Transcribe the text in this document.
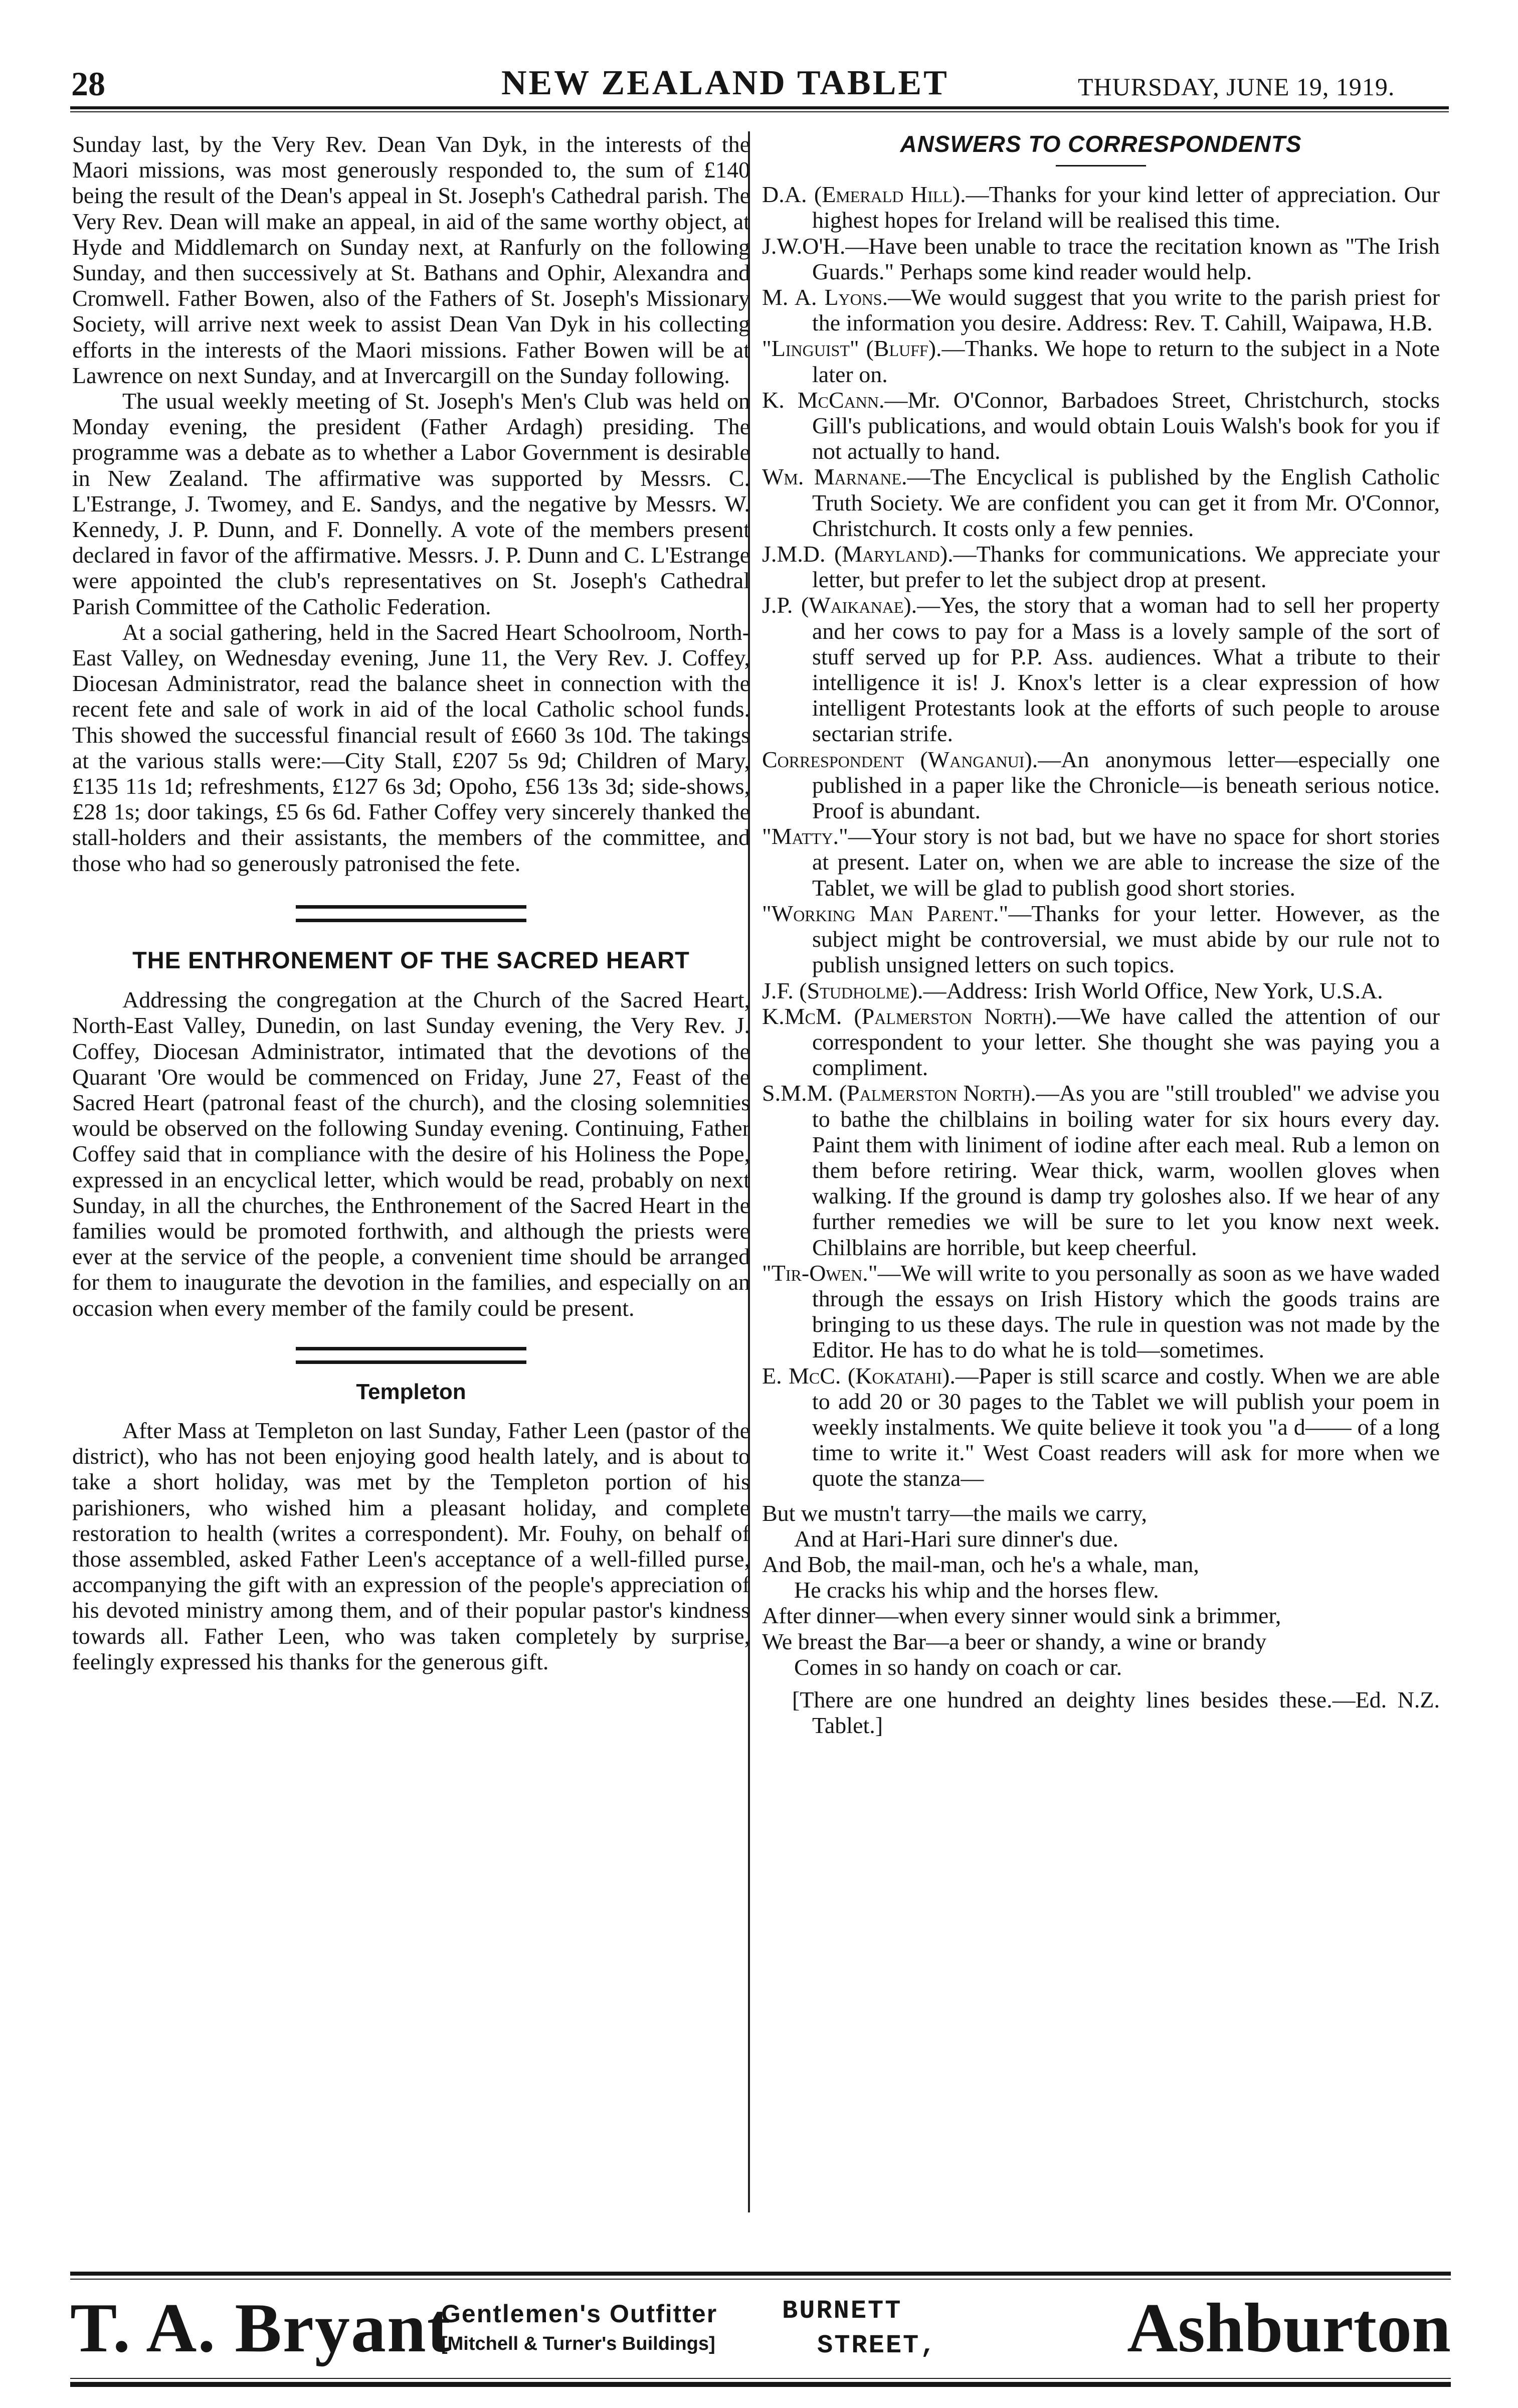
28	NEW ZEALAND TABLET	THURSDAY, JUNE 19, 1919.

Sunday last, by the Very Rev. Dean Van Dyk, in the interests of the Maori missions, was most generously responded to, the sum of £140 being the result of the Dean's appeal in St. Joseph's Cathedral parish. The Very Rev. Dean will make an appeal, in aid of the same worthy object, at Hyde and Middlemarch on Sunday next, at Ranfurly on the following Sunday, and then successively at St. Bathans and Ophir, Alexandra and Cromwell. Father Bowen, also of the Fathers of St. Joseph's Missionary Society, will arrive next week to assist Dean Van Dyk in his collecting efforts in the interests of the Maori missions. Father Bowen will be at Lawrence on next Sunday, and at Invercargill on the Sunday following.

The usual weekly meeting of St. Joseph's Men's Club was held on Monday evening, the president (Father Ardagh) presiding. The programme was a debate as to whether a Labor Government is desirable in New Zealand. The affirmative was supported by Messrs. C. L'Estrange, J. Twomey, and E. Sandys, and the negative by Messrs. W. Kennedy, J. P. Dunn, and F. Donnelly. A vote of the members present declared in favor of the affirmative. Messrs. J. P. Dunn and C. L'Estrange were appointed the club's representatives on St. Joseph's Cathedral Parish Committee of the Catholic Federation.

At a social gathering, held in the Sacred Heart Schoolroom, North-East Valley, on Wednesday evening, June 11, the Very Rev. J. Coffey, Diocesan Administrator, read the balance sheet in connection with the recent fete and sale of work in aid of the local Catholic school funds. This showed the successful financial result of £660 3s 10d. The takings at the various stalls were:—City Stall, £207 5s 9d; Children of Mary, £135 11s 1d; refreshments, £127 6s 3d; Opoho, £56 13s 3d; side-shows, £28 1s; door takings, £5 6s 6d. Father Coffey very sincerely thanked the stall-holders and their assistants, the members of the committee, and those who had so generously patronised the fete.

THE ENTHRONEMENT OF THE SACRED HEART

Addressing the congregation at the Church of the Sacred Heart, North-East Valley, Dunedin, on last Sunday evening, the Very Rev. J. Coffey, Diocesan Administrator, intimated that the devotions of the Quarant 'Ore would be commenced on Friday, June 27, Feast of the Sacred Heart (patronal feast of the church), and the closing solemnities would be observed on the following Sunday evening. Continuing, Father Coffey said that in compliance with the desire of his Holiness the Pope, expressed in an encyclical letter, which would be read, probably on next Sunday, in all the churches, the Enthronement of the Sacred Heart in the families would be promoted forthwith, and although the priests were ever at the service of the people, a convenient time should be arranged for them to inaugurate the devotion in the families, and especially on an occasion when every member of the family could be present.

Templeton

After Mass at Templeton on last Sunday, Father Leen (pastor of the district), who has not been enjoying good health lately, and is about to take a short holiday, was met by the Templeton portion of his parishioners, who wished him a pleasant holiday, and complete restoration to health (writes a correspondent). Mr. Fouhy, on behalf of those assembled, asked Father Leen's acceptance of a well-filled purse, accompanying the gift with an expression of the people's appreciation of his devoted ministry among them, and of their popular pastor's kindness towards all. Father Leen, who was taken completely by surprise, feelingly expressed his thanks for the generous gift.

ANSWERS TO CORRESPONDENTS

D.A. (Emerald Hill).—Thanks for your kind letter of appreciation. Our highest hopes for Ireland will be realised this time.

J.W.O'H.—Have been unable to trace the recitation known as "The Irish Guards." Perhaps some kind reader would help.

M. A. Lyons.—We would suggest that you write to the parish priest for the information you desire. Address: Rev. T. Cahill, Waipawa, H.B.

"Linguist" (Bluff).—Thanks. We hope to return to the subject in a Note later on.

K. McCann.—Mr. O'Connor, Barbadoes Street, Christchurch, stocks Gill's publications, and would obtain Louis Walsh's book for you if not actually to hand.

Wm. Marnane.—The Encyclical is published by the English Catholic Truth Society. We are confident you can get it from Mr. O'Connor, Christchurch. It costs only a few pennies.

J.M.D. (Maryland).—Thanks for communications. We appreciate your letter, but prefer to let the subject drop at present.

J.P. (Waikanae).—Yes, the story that a woman had to sell her property and her cows to pay for a Mass is a lovely sample of the sort of stuff served up for P.P. Ass. audiences. What a tribute to their intelligence it is! J. Knox's letter is a clear expression of how intelligent Protestants look at the efforts of such people to arouse sectarian strife.

Correspondent (Wanganui).—An anonymous letter—especially one published in a paper like the Chronicle—is beneath serious notice. Proof is abundant.

"Matty."—Your story is not bad, but we have no space for short stories at present. Later on, when we are able to increase the size of the Tablet, we will be glad to publish good short stories.

"Working Man Parent."—Thanks for your letter. However, as the subject might be controversial, we must abide by our rule not to publish unsigned letters on such topics.

J.F. (Studholme).—Address: Irish World Office, New York, U.S.A.

K.McM. (Palmerston North).—We have called the attention of our correspondent to your letter. She thought she was paying you a compliment.

S.M.M. (Palmerston North).—As you are "still troubled" we advise you to bathe the chilblains in boiling water for six hours every day. Paint them with liniment of iodine after each meal. Rub a lemon on them before retiring. Wear thick, warm, woollen gloves when walking. If the ground is damp try goloshes also. If we hear of any further remedies we will be sure to let you know next week. Chilblains are horrible, but keep cheerful.

"Tir-Owen."—We will write to you personally as soon as we have waded through the essays on Irish History which the goods trains are bringing to us these days. The rule in question was not made by the Editor. He has to do what he is told—sometimes.

E. McC. (Kokatahi).—Paper is still scarce and costly. When we are able to add 20 or 30 pages to the Tablet we will publish your poem in weekly instalments. We quite believe it took you "a d—— of a long time to write it." West Coast readers will ask for more when we quote the stanza—

But we mustn't tarry—the mails we carry,
And at Hari-Hari sure dinner's due.
And Bob, the mail-man, och he's a whale, man,
He cracks his whip and the horses flew.
After dinner—when every sinner would sink a brimmer,
We breast the Bar—a beer or shandy, a wine or brandy
Comes in so handy on coach or car.

[There are one hundred an deighty lines besides these.—Ed. N.Z. Tablet.]

T. A. Bryant
Gentlemen's Outfitter
[Mitchell & Turner's Buildings]
BURNETT
STREET,	Ashburton
